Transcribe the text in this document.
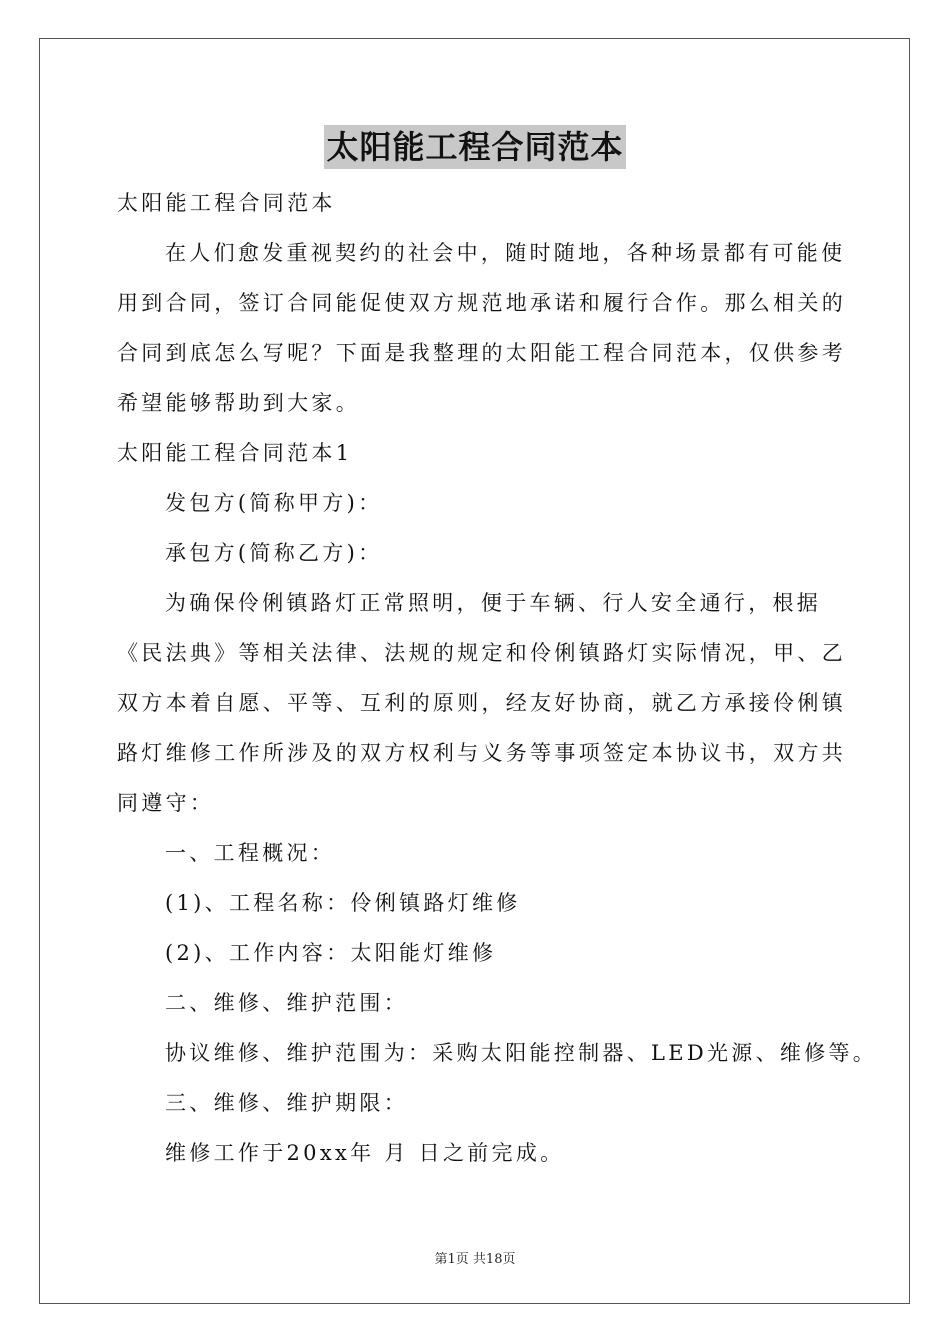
太阳能工程合同范本
太阳能工程合同范本
在人们愈发重视契约的社会中，随时随地，各种场景都有可能使
用到合同，签订合同能促使双方规范地承诺和履行合作。那么相关的
合同到底怎么写呢？下面是我整理的太阳能工程合同范本，仅供参考
希望能够帮助到大家。
太阳能工程合同范本1
发包方(简称甲方)：
承包方(简称乙方)：
为确保伶俐镇路灯正常照明，便于车辆、行人安全通行，根据
《民法典》等相关法律、法规的规定和伶俐镇路灯实际情况，甲、乙
双方本着自愿、平等、互利的原则，经友好协商，就乙方承接伶俐镇
路灯维修工作所涉及的双方权利与义务等事项签定本协议书，双方共
同遵守：
一、工程概况：
(1)、工程名称：伶俐镇路灯维修
(2)、工作内容：太阳能灯维修
二、维修、维护范围：
协议维修、维护范围为：采购太阳能控制器、LED光源、维修等。
三、维修、维护期限：
维修工作于20xx年 月 日之前完成。
第1页 共18页
